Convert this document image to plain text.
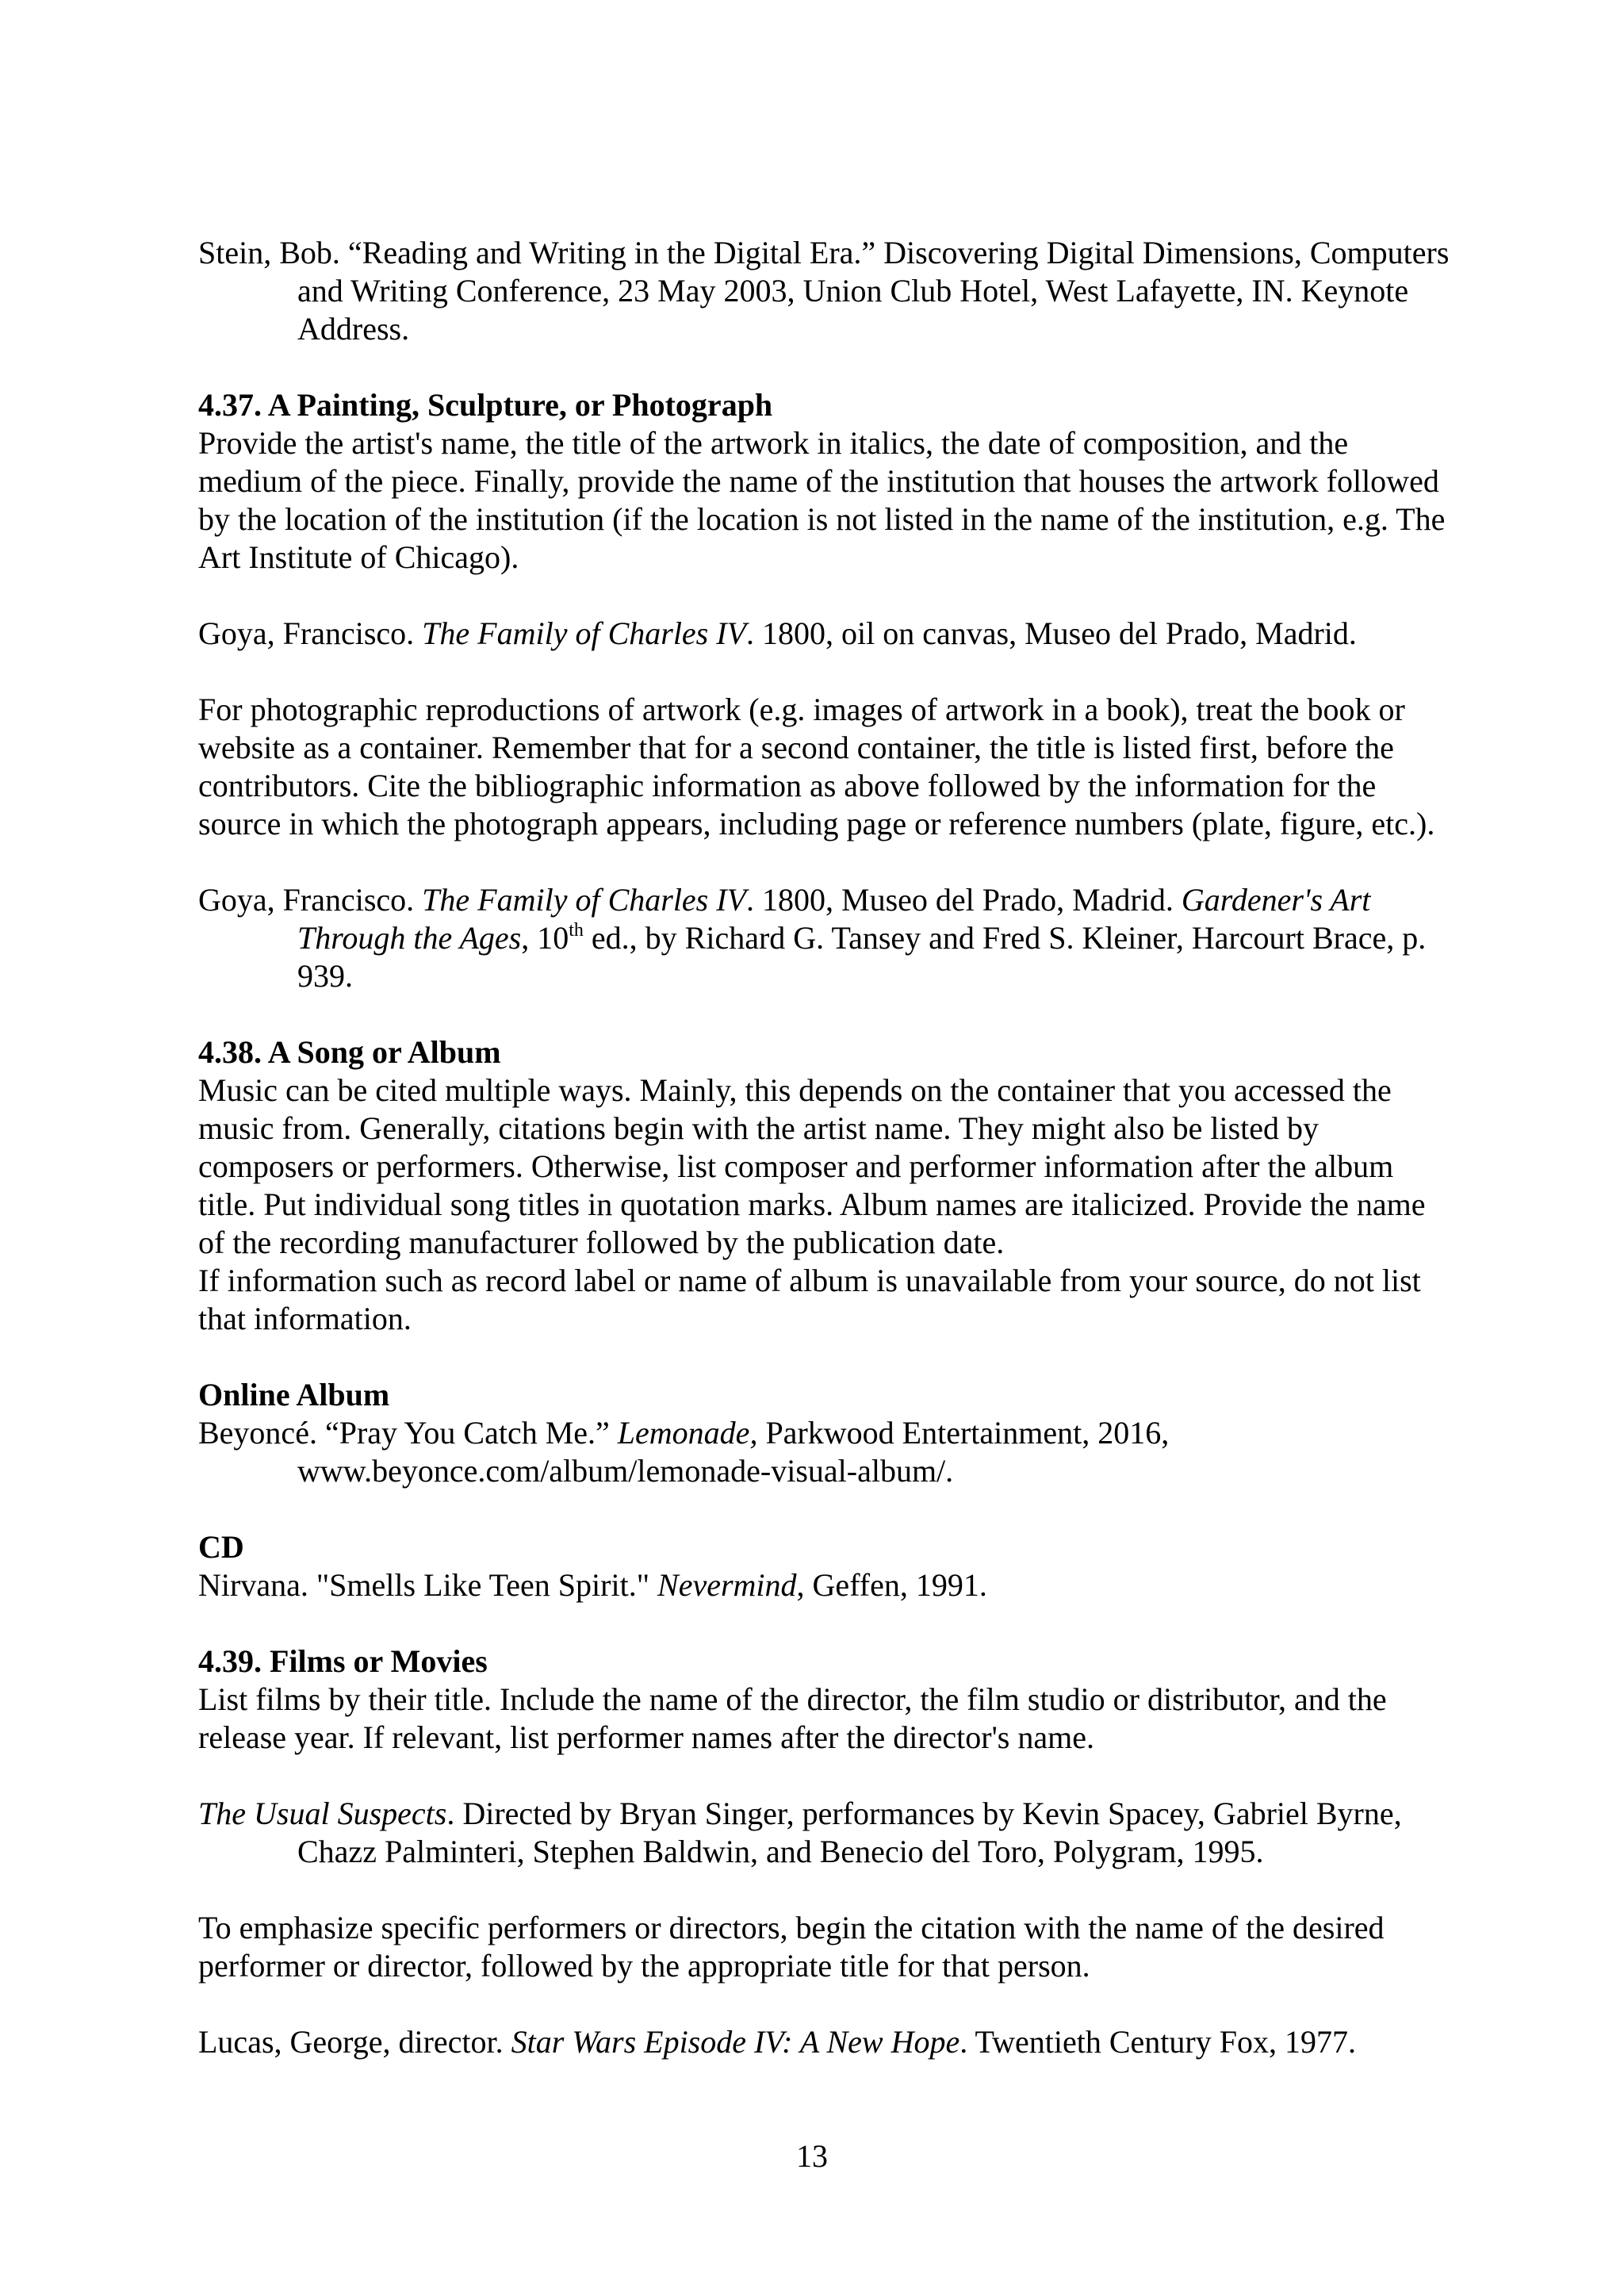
Stein, Bob. “Reading and Writing in the Digital Era.” Discovering Digital Dimensions, Computers and Writing Conference, 23 May 2003, Union Club Hotel, West Lafayette, IN. Keynote Address.

4.37. A Painting, Sculpture, or Photograph

Provide the artist's name, the title of the artwork in italics, the date of composition, and the medium of the piece. Finally, provide the name of the institution that houses the artwork followed by the location of the institution (if the location is not listed in the name of the institution, e.g. The Art Institute of Chicago).

Goya, Francisco. The Family of Charles IV. 1800, oil on canvas, Museo del Prado, Madrid.

For photographic reproductions of artwork (e.g. images of artwork in a book), treat the book or website as a container. Remember that for a second container, the title is listed first, before the contributors. Cite the bibliographic information as above followed by the information for the source in which the photograph appears, including page or reference numbers (plate, figure, etc.).

Goya, Francisco. The Family of Charles IV. 1800, Museo del Prado, Madrid. Gardener's Art Through the Ages, 10th ed., by Richard G. Tansey and Fred S. Kleiner, Harcourt Brace, p. 939.

4.38. A Song or Album

Music can be cited multiple ways. Mainly, this depends on the container that you accessed the music from. Generally, citations begin with the artist name. They might also be listed by composers or performers. Otherwise, list composer and performer information after the album title. Put individual song titles in quotation marks. Album names are italicized. Provide the name of the recording manufacturer followed by the publication date.

If information such as record label or name of album is unavailable from your source, do not list that information.

Online Album

Beyoncé. “Pray You Catch Me.” Lemonade, Parkwood Entertainment, 2016, www.beyonce.com/album/lemonade-visual-album/.

CD

Nirvana. "Smells Like Teen Spirit." Nevermind, Geffen, 1991.

4.39. Films or Movies

List films by their title. Include the name of the director, the film studio or distributor, and the release year. If relevant, list performer names after the director's name.

The Usual Suspects. Directed by Bryan Singer, performances by Kevin Spacey, Gabriel Byrne, Chazz Palminteri, Stephen Baldwin, and Benecio del Toro, Polygram, 1995.

To emphasize specific performers or directors, begin the citation with the name of the desired performer or director, followed by the appropriate title for that person.

Lucas, George, director. Star Wars Episode IV: A New Hope. Twentieth Century Fox, 1977.

13
